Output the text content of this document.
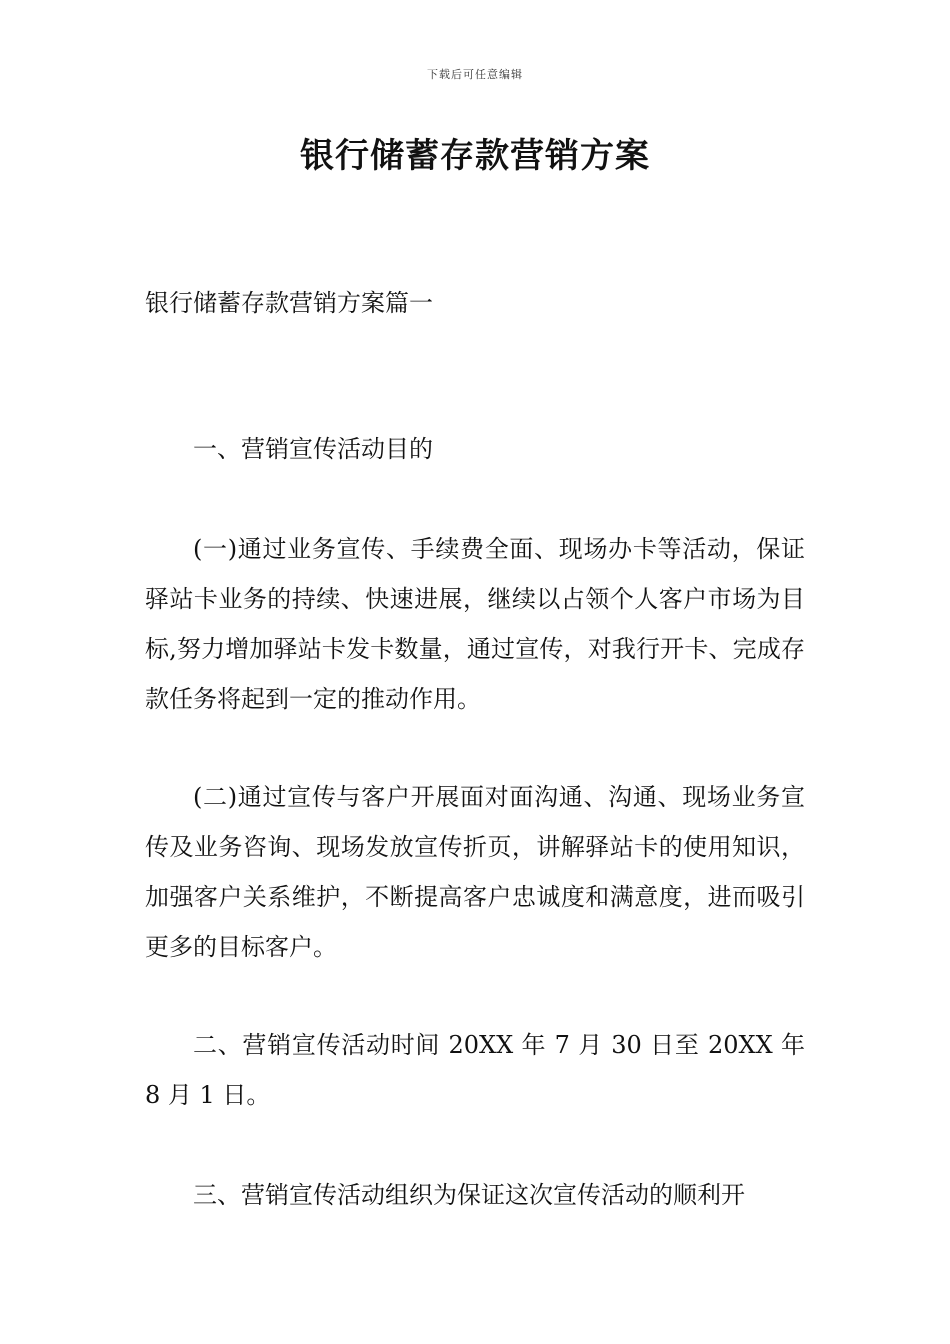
下载后可任意编辑
银行储蓄存款营销方案
银行储蓄存款营销方案篇一

一、营销宣传活动目的

(一)通过业务宣传、手续费全面、现场办卡等活动，保证驿站卡业务的持续、快速进展，继续以占领个人客户市场为目标,努力增加驿站卡发卡数量，通过宣传，对我行开卡、完成存款任务将起到一定的推动作用。

(二)通过宣传与客户开展面对面沟通、沟通、现场业务宣传及业务咨询、现场发放宣传折页，讲解驿站卡的使用知识，加强客户关系维护，不断提高客户忠诚度和满意度，进而吸引更多的目标客户。

二、营销宣传活动时间 20XX 年 7 月 30 日至 20XX 年 8 月 1 日。

三、营销宣传活动组织为保证这次宣传活动的顺利开
